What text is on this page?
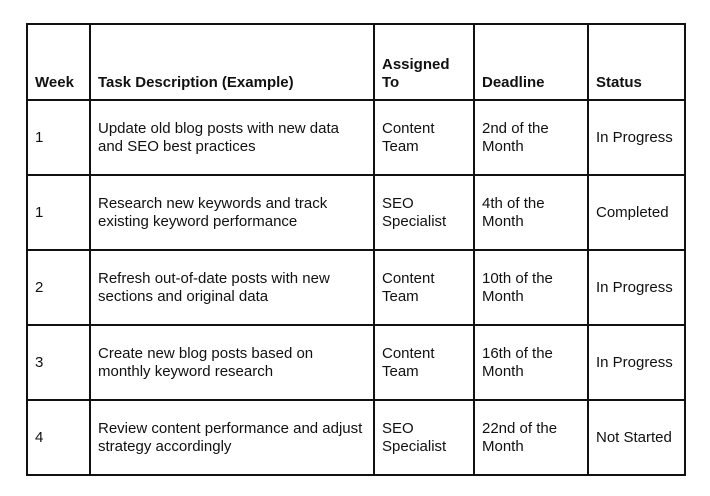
Week	Task Description (Example)	Assigned To	Deadline	Status
1	Update old blog posts with new data and SEO best practices	Content Team	2nd of the Month	In Progress
1	Research new keywords and track existing keyword performance	SEO Specialist	4th of the Month	Completed
2	Refresh out-of-date posts with new sections and original data	Content Team	10th of the Month	In Progress
3	Create new blog posts based on monthly keyword research	Content Team	16th of the Month	In Progress
4	Review content performance and adjust strategy accordingly	SEO Specialist	22nd of the Month	Not Started
